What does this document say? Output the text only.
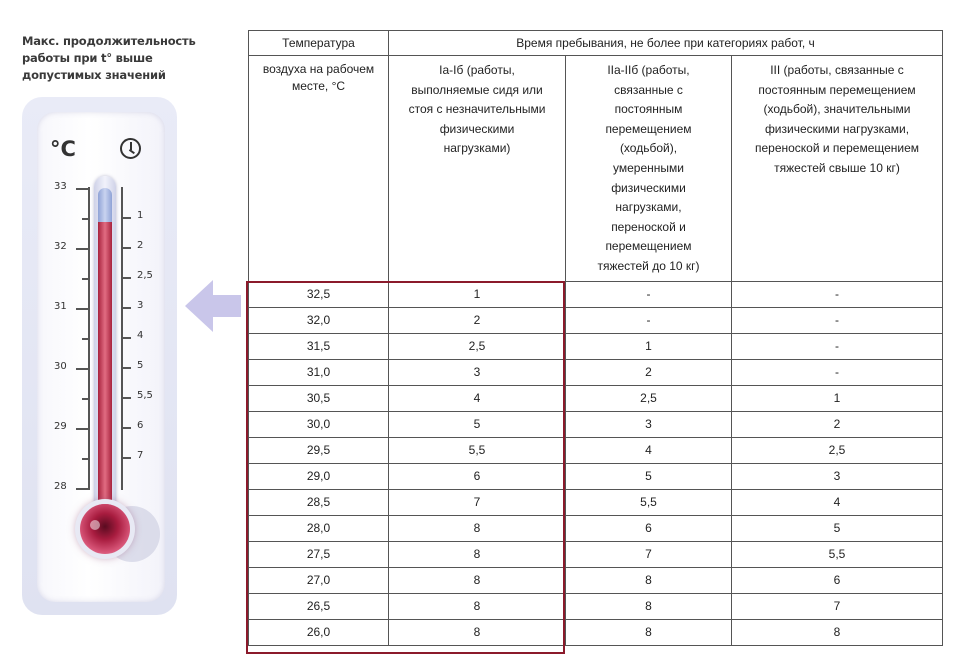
Макс. продолжительность
работы при t° выше
допустимых значений
°C
33
32
31
30
29
28
1
2
2,5
3
4
5
5,5
6
7
Температура	Время пребывания, не более при категориях работ, ч		
воздуха на рабочем месте, °С	Iа-Iб (работы, выполняемые сидя или стоя с незначительными физическими нагрузками)	IIа-IIб (работы, связанные с постоянным перемещением (ходьбой), умеренными физическими нагрузками, переноской и перемещением тяжестей до 10 кг)	III (работы, связанные с постоянным перемещением (ходьбой), значительными физическими нагрузками, переноской и перемещением тяжестей свыше 10 кг)
32,5	1	-	-
32,0	2	-	-
31,5	2,5	1	-
31,0	3	2	-
30,5	4	2,5	1
30,0	5	3	2
29,5	5,5	4	2,5
29,0	6	5	3
28,5	7	5,5	4
28,0	8	6	5
27,5	8	7	5,5
27,0	8	8	6
26,5	8	8	7
26,0	8	8	8
